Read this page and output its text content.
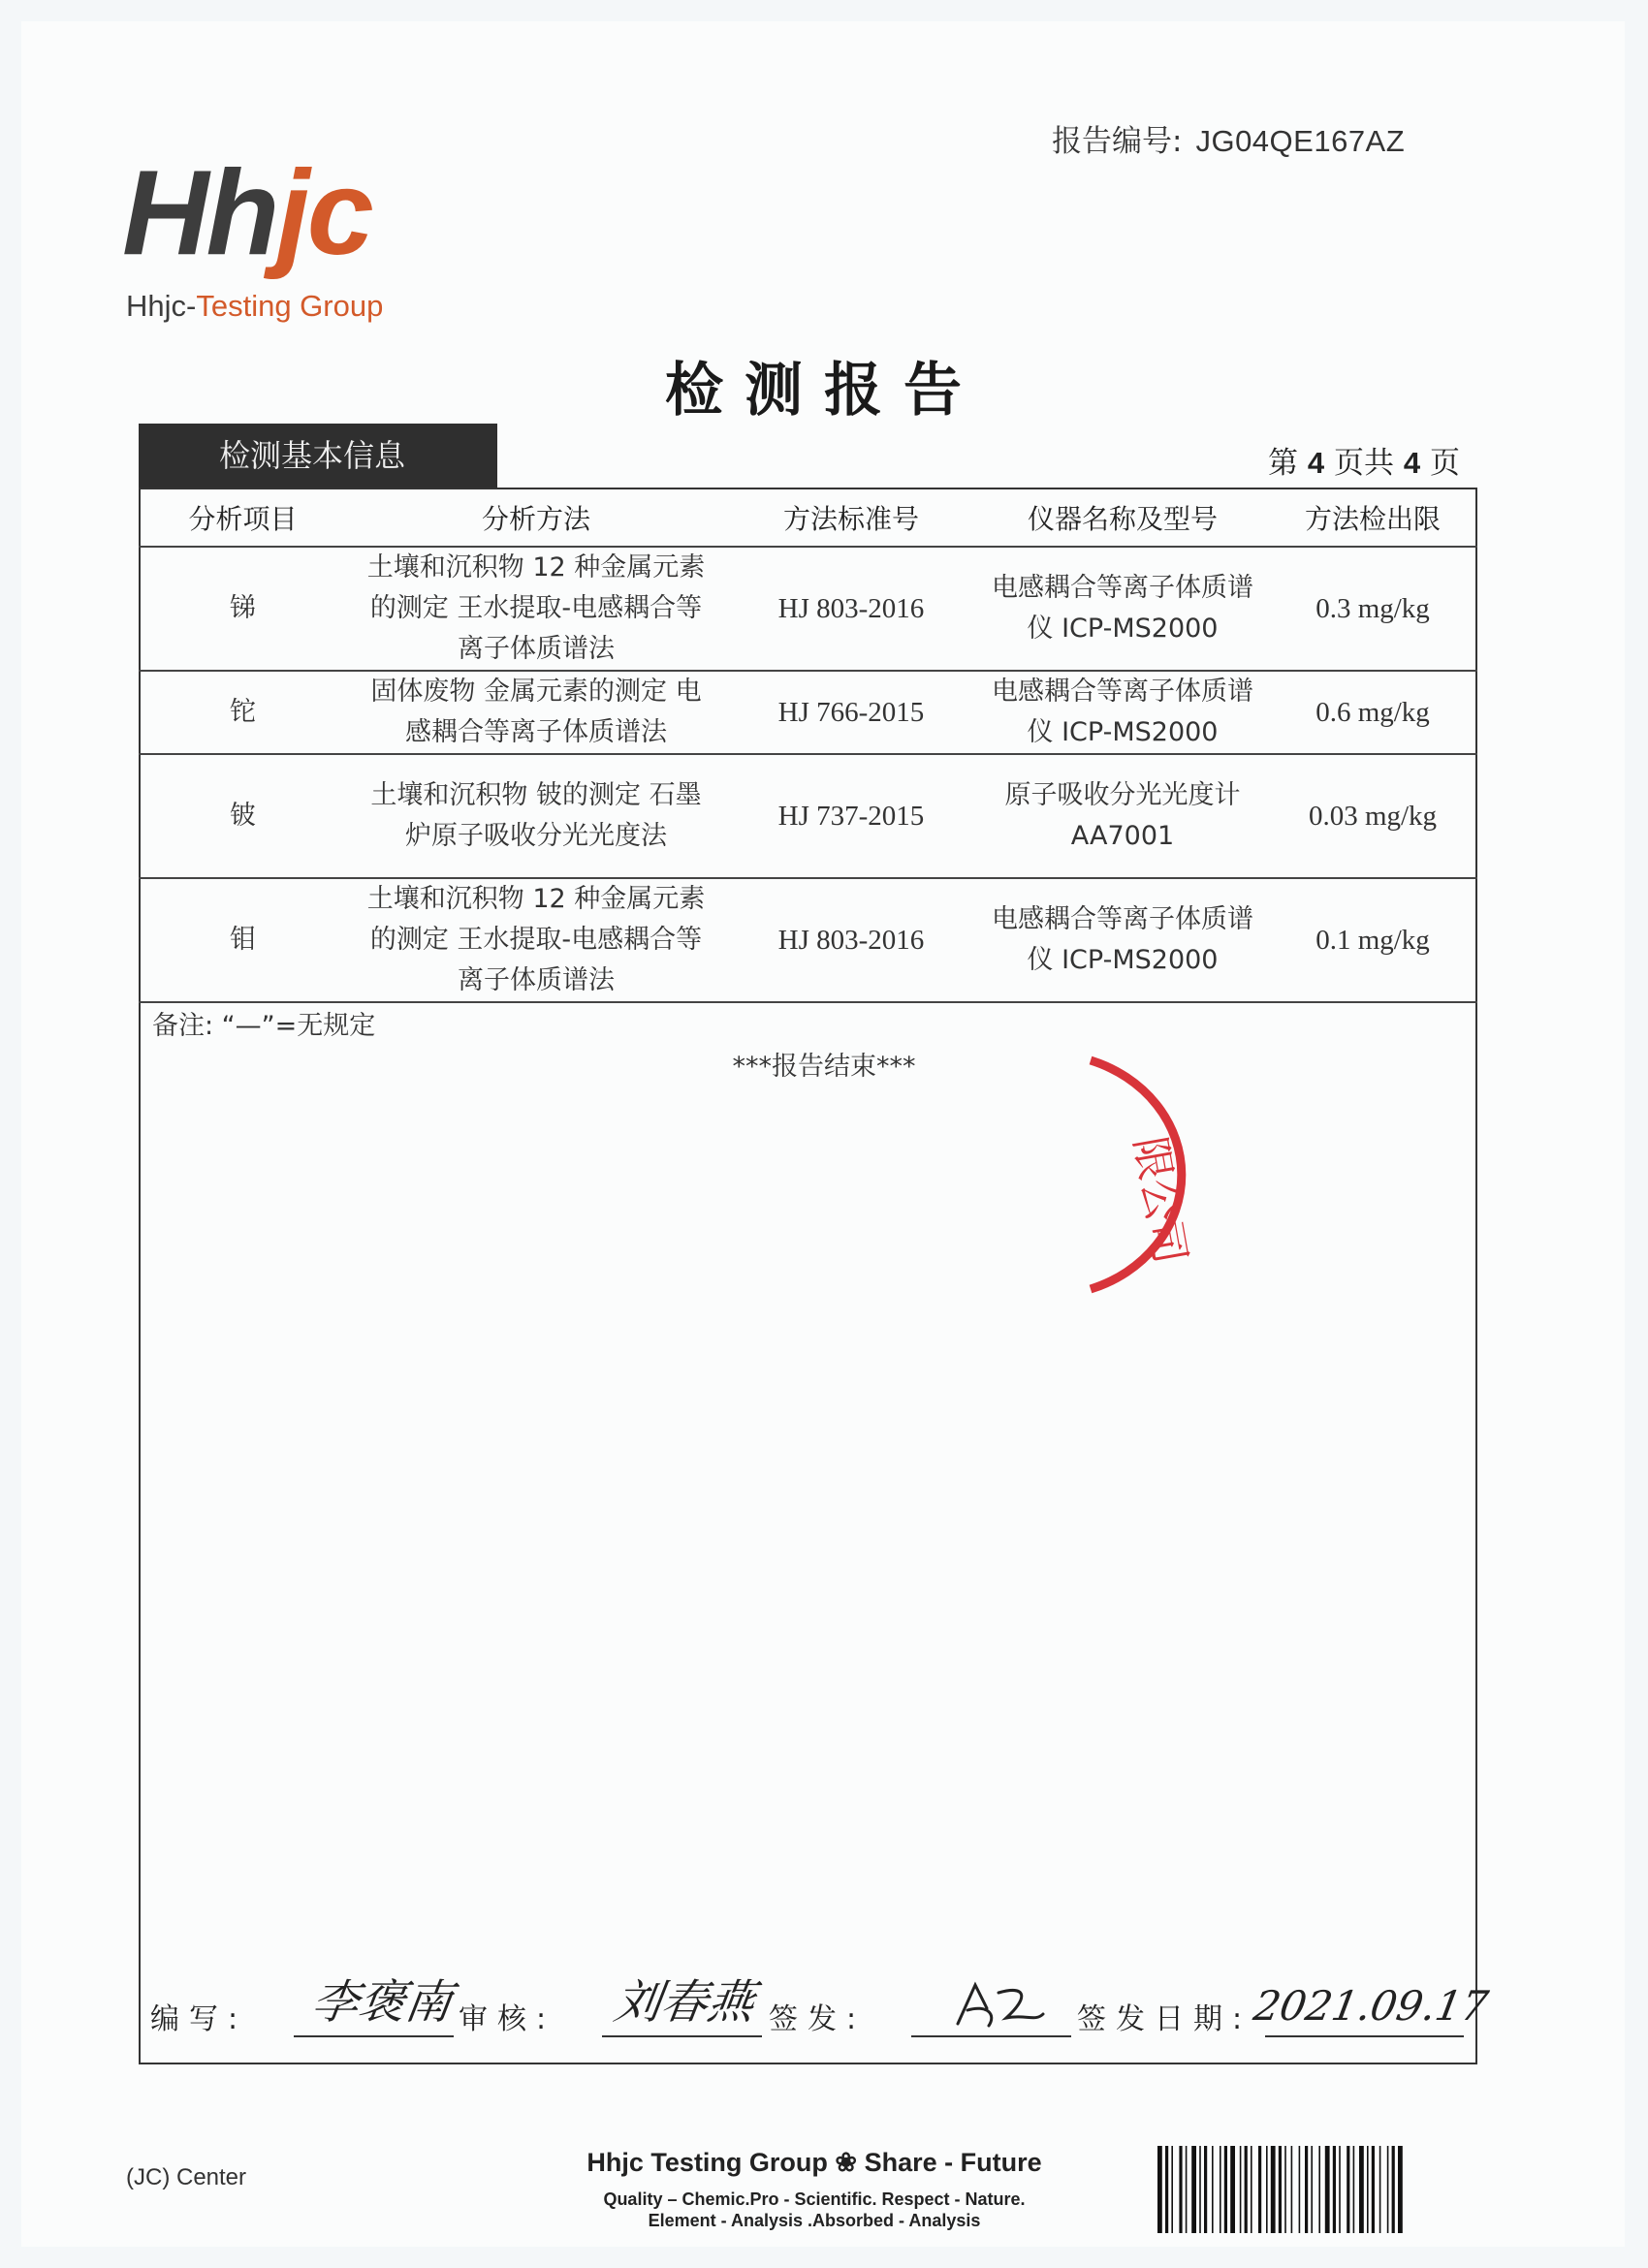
报告编号: JG04QE167AZ
Hhjc
Hhjc-Testing Group
检测报告
检测基本信息	第 4 页共 4 页
分析项目	分析方法	方法标准号	仪器名称及型号	方法检出限
锑	土壤和沉积物 12 种金属元素的测定 王水提取-电感耦合等离子体质谱法	HJ 803-2016	电感耦合等离子体质谱仪 ICP-MS2000	0.3 mg/kg
铊	固体废物 金属元素的测定 电感耦合等离子体质谱法	HJ 766-2015	电感耦合等离子体质谱仪 ICP-MS2000	0.6 mg/kg
铍	土壤和沉积物 铍的测定 石墨炉原子吸收分光光度法	HJ 737-2015	原子吸收分光光度计 AA7001	0.03 mg/kg
钼	土壤和沉积物 12 种金属元素的测定 王水提取-电感耦合等离子体质谱法	HJ 803-2016	电感耦合等离子体质谱仪 ICP-MS2000	0.1 mg/kg
备注: “—”=无规定
***报告结束***
限公司
编写: 李褒南 审核: 刘春燕 签发:	签发日期:
2021.09.17
(JC) Center
Hhjc Testing Group ❀ Share - Future
Quality – Chemic.Pro - Scientific. Respect - Nature.
Element - Analysis .Absorbed - Analysis
